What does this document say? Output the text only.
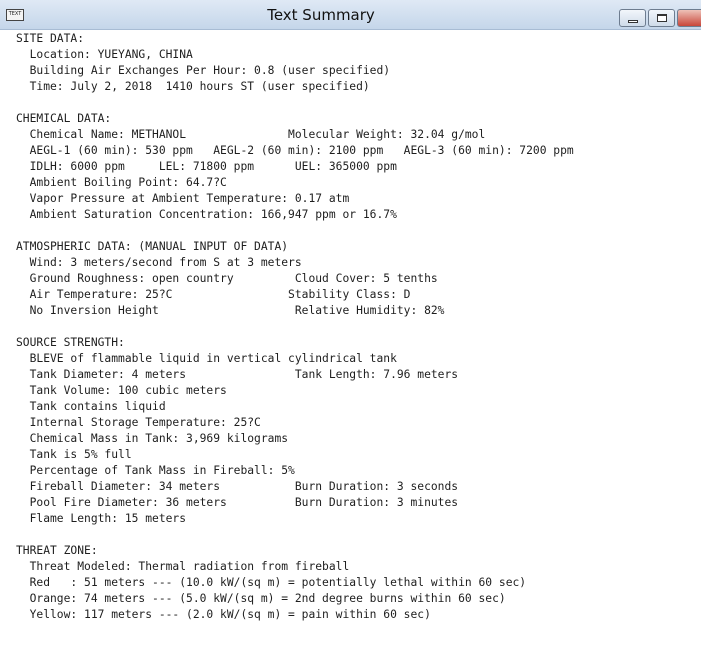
TEXT	Text Summary
SITE DATA:
Location: YUEYANG, CHINA
Building Air Exchanges Per Hour: 0.8 (user specified)
Time: July 2, 2018  1410 hours ST (user specified)
CHEMICAL DATA:
Chemical Name: METHANOL               Molecular Weight: 32.04 g/mol
AEGL-1 (60 min): 530 ppm   AEGL-2 (60 min): 2100 ppm   AEGL-3 (60 min): 7200 ppm
IDLH: 6000 ppm     LEL: 71800 ppm      UEL: 365000 ppm
Ambient Boiling Point: 64.7?C
Vapor Pressure at Ambient Temperature: 0.17 atm
Ambient Saturation Concentration: 166,947 ppm or 16.7%
ATMOSPHERIC DATA: (MANUAL INPUT OF DATA)
Wind: 3 meters/second from S at 3 meters
Ground Roughness: open country         Cloud Cover: 5 tenths
Air Temperature: 25?C                 Stability Class: D
No Inversion Height                    Relative Humidity: 82%
SOURCE STRENGTH:
BLEVE of flammable liquid in vertical cylindrical tank
Tank Diameter: 4 meters                Tank Length: 7.96 meters
Tank Volume: 100 cubic meters
Tank contains liquid
Internal Storage Temperature: 25?C
Chemical Mass in Tank: 3,969 kilograms
Tank is 5% full
Percentage of Tank Mass in Fireball: 5%
Fireball Diameter: 34 meters           Burn Duration: 3 seconds
Pool Fire Diameter: 36 meters          Burn Duration: 3 minutes
Flame Length: 15 meters
THREAT ZONE:
Threat Modeled: Thermal radiation from fireball
Red   : 51 meters --- (10.0 kW/(sq m) = potentially lethal within 60 sec)
Orange: 74 meters --- (5.0 kW/(sq m) = 2nd degree burns within 60 sec)
Yellow: 117 meters --- (2.0 kW/(sq m) = pain within 60 sec)
